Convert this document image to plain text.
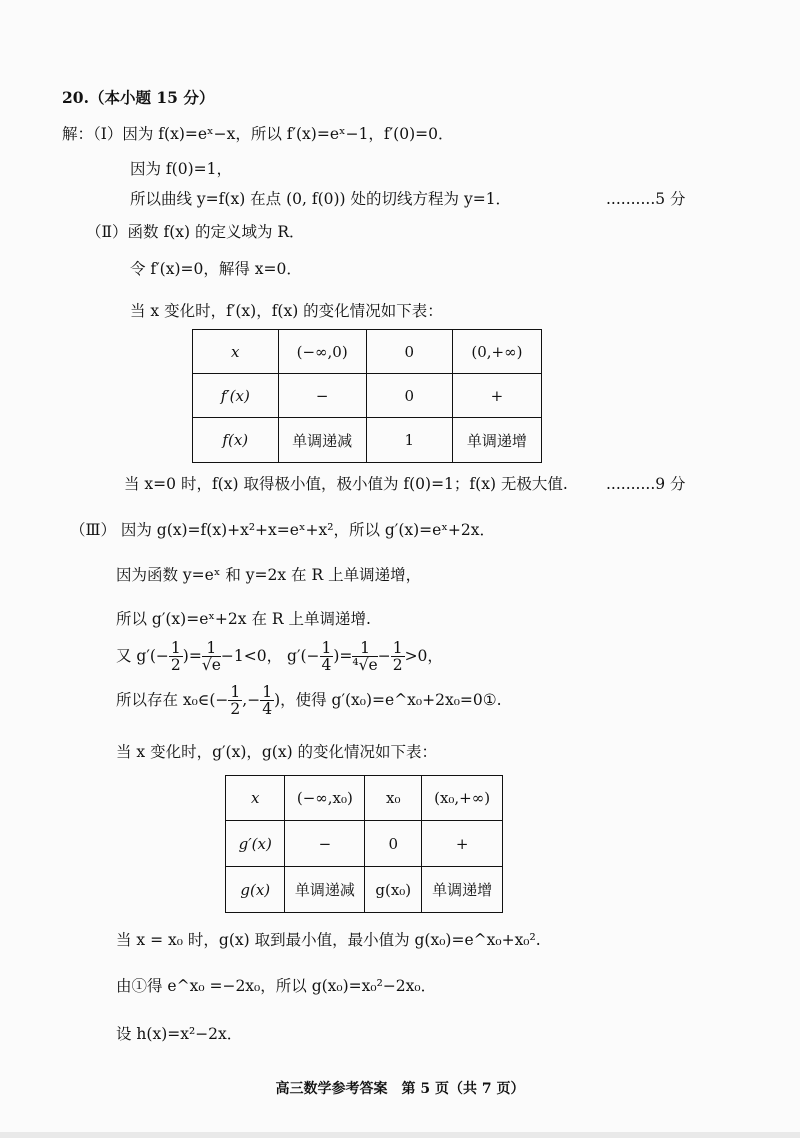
20.（本小题 15 分）
解：（Ⅰ）因为 f(x)=eˣ−x，所以 f′(x)=eˣ−1，f′(0)=0．
因为 f(0)=1，
所以曲线 y=f(x) 在点 (0, f(0)) 处的切线方程为 y=1．	..........5 分
（Ⅱ）函数 f(x) 的定义域为 R．
令 f′(x)=0，解得 x=0．
当 x 变化时，f′(x)，f(x) 的变化情况如下表：
x	(−∞,0)	0	(0,+∞)
f′(x)	−	0	+
f(x)	单调递减	1	单调递增
当 x=0 时，f(x) 取得极小值，极小值为 f(0)=1；f(x) 无极大值. ..........9 分
（Ⅲ） 因为 g(x)=f(x)+x²+x=eˣ+x²，所以 g′(x)=eˣ+2x．
因为函数 y=eˣ 和 y=2x 在 R 上单调递增，
所以 g′(x)=eˣ+2x 在 R 上单调递增.
又 $g'(- \frac{1}{2}$ )= $\frac{1}{√e} -1<0$， $g'(- \frac{1}{4}$ )= $\frac{1}{\text{⁴√e}} - \frac{1}{2} >0$，
所以存在 x₀∈(− $\frac{1}{2}$ ,− $\frac{1}{4}$ )，使得 g′(x₀)=e^x₀+2x₀=0①.
当 x 变化时，g′(x)，g(x) 的变化情况如下表：
x	(−∞,x₀)	x₀	(x₀,+∞)
g′(x)	−	0	+
g(x)	单调递减	g(x₀)	单调递增
当 x = x₀ 时，g(x) 取到最小值，最小值为 g(x₀)=e^x₀+x₀².
由①得 e^x₀ =−2x₀，所以 g(x₀)=x₀²−2x₀．
设 h(x)=x²−2x．
高三数学参考答案　第 5 页（共 7 页）
